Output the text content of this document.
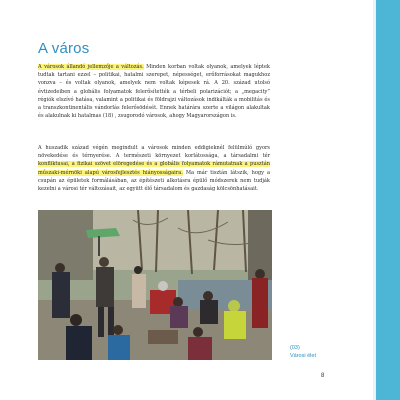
A város

A városok állandó jellemzője a változás. Minden korban voltak olyanok, amelyek léptek tudtak tartani ezzel – politikai, hatalmi szerepet, népességet, erőforrásokat magukhoz vonzva – és voltak olyanok, amelyek nem voltak képesek rá. A 20. század utolsó évtizedeiben a globális folyamatok felerősítették a térbeli polarizációt; a „megacity” régiók elszívó hatása, valamint a politikai és földrajzi változások indikálták a mobilitás és a transzkontinentális vándorlás felerősödését. Ennek határára szerte a világon alakultak és alakulnak ki hatalmas (18) , zsugorodó városok, ahogy Magyarországon is.

A huszadik század végén megindult a városok minden eddigieknél felülmúló gyors növekedése és térnyerése. A természeti környezet korlátossága, a társadalmi tér konfliktusai, a fizikai szövet elöregedése és a globális folyamatok rámutatnak a pusztán műszaki-mérnöki alapú városfejlesztés hiányosságaira. Ma már tisztán látszik, hogy a csupán az épületek formálásában, az építészeti alkotásra épülő módszerek nem tudják kezelni a városi tér változásait, az együtt élő társadalom és gazdaság kölcsönhatásait.

(03)
Városi élet
8
